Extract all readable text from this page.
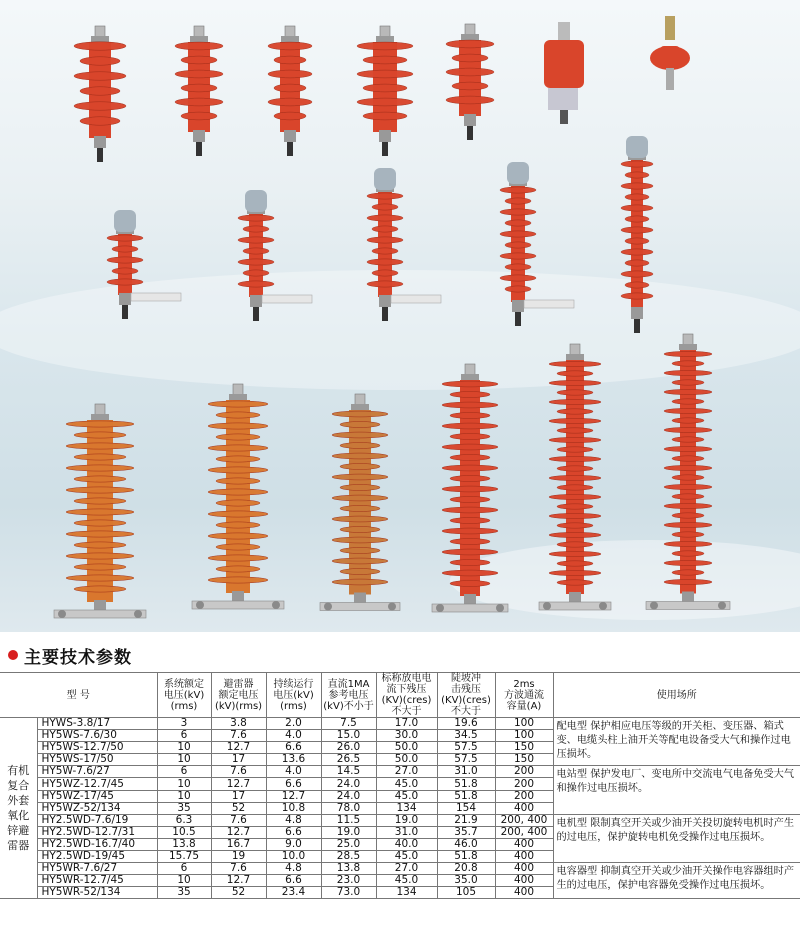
主要技术参数
型 号		系统额定
电压(kV)
(rms)	避雷器
额定电压
(kV)(rms)	持续运行
电压(kV)
(rms)	直流1MA
参考电压
(kV)不小于	标称放电电
流下残压
(KV)(cres)
不大于	陡坡冲
击残压
(KV)(cres)
不大于	2ms
方波通流
容量(A)	使用场所
有机复合外套氧化锌避雷器	HYWS-3.8/17	3	3.8	2.0	7.5	17.0	19.6	100	配电型 保护相应电压等级的开关柜、变压器、箱式变、电缆头柱上油开关等配电设备受大气和操作过电压损坏。
	HY5WS-7.6/30	6	7.6	4.0	15.0	30.0	34.5	100	
	HY5WS-12.7/50	10	12.7	6.6	26.0	50.0	57.5	150	
	HY5WS-17/50	10	17	13.6	26.5	50.0	57.5	150	
	HY5W-7.6/27	6	7.6	4.0	14.5	27.0	31.0	200	电站型 保护发电厂、变电所中交流电气电备免受大气和操作过电压损坏。
	HY5WZ-12.7/45	10	12.7	6.6	24.0	45.0	51.8	200	
	HY5WZ-17/45	10	17	12.7	24.0	45.0	51.8	200	
	HY5WZ-52/134	35	52	10.8	78.0	134	154	400	
	HY2.5WD-7.6/19	6.3	7.6	4.8	11.5	19.0	21.9	200, 400	电机型 限制真空开关或少油开关投切旋转电机时产生的过电压，保护旋转电机免受操作过电压损坏。
	HY2.5WD-12.7/31	10.5	12.7	6.6	19.0	31.0	35.7	200, 400	
	HY2.5WD-16.7/40	13.8	16.7	9.0	25.0	40.0	46.0	400	
	HY2.5WD-19/45	15.75	19	10.0	28.5	45.0	51.8	400	
	HY5WR-7.6/27	6	7.6	4.8	13.8	27.0	20.8	400	电容器型 抑制真空开关或少油开关操作电容器组时产生的过电压，保护电容器免受操作过电压损坏。
	HY5WR-12.7/45	10	12.7	6.6	23.0	45.0	35.0	400	
	HY5WR-52/134	35	52	23.4	73.0	134	105	400	
